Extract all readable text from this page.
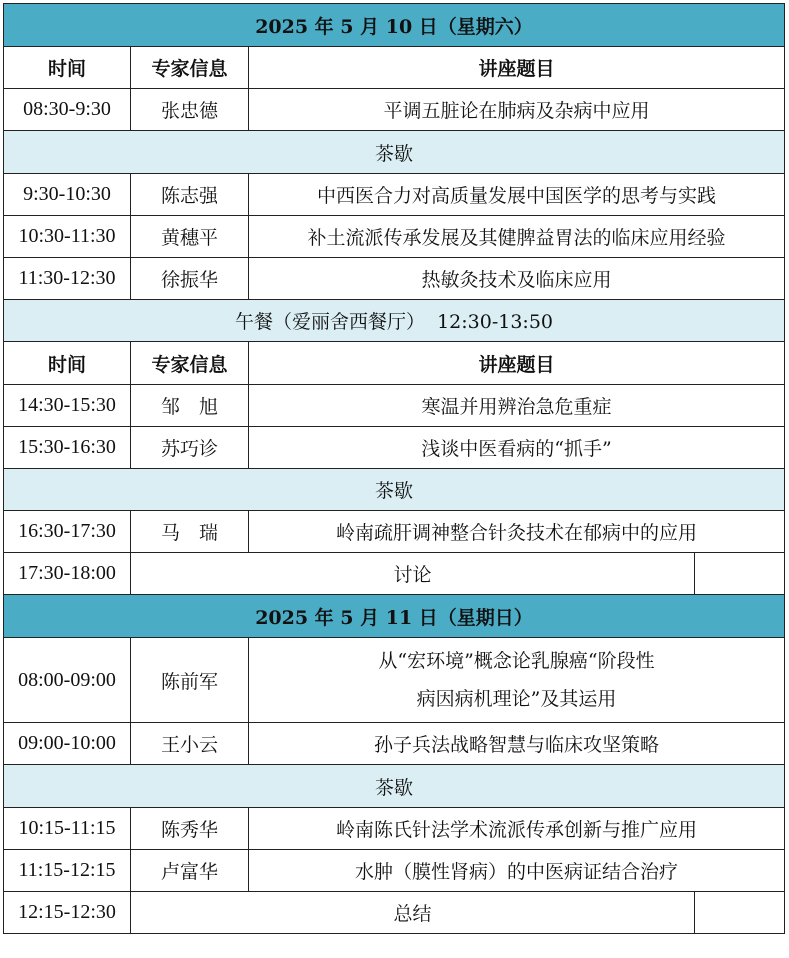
2025 年 5 月 10 日（星期六）			
时间	专家信息	讲座题目	
08:30-9:30	张忠德	平调五脏论在肺病及杂病中应用	
茶歇			
9:30-10:30	陈志强	中西医合力对高质量发展中国医学的思考与实践	
10:30-11:30	黄穗平	补土流派传承发展及其健脾益胃法的临床应用经验	
11:30-12:30	徐振华	热敏灸技术及临床应用	
午餐（爱丽舍西餐厅）  12:30-13:50			
时间	专家信息	讲座题目	
14:30-15:30	邹　旭	寒温并用辨治急危重症	
15:30-16:30	苏巧诊	浅谈中医看病的“抓手”	
茶歇			
16:30-17:30	马　瑞	岭南疏肝调神整合针灸技术在郁病中的应用	
17:30-18:00	讨论		
2025 年 5 月 11 日（星期日）			
08:00-09:00	陈前军	从“宏环境”概念论乳腺癌“阶段性
病因病机理论”及其运用	

09:00-10:00	王小云	孙子兵法战略智慧与临床攻坚策略	
茶歇			
10:15-11:15	陈秀华	岭南陈氏针法学术流派传承创新与推广应用	
11:15-12:15	卢富华	水肿（膜性肾病）的中医病证结合治疗	
12:15-12:30	总结		
